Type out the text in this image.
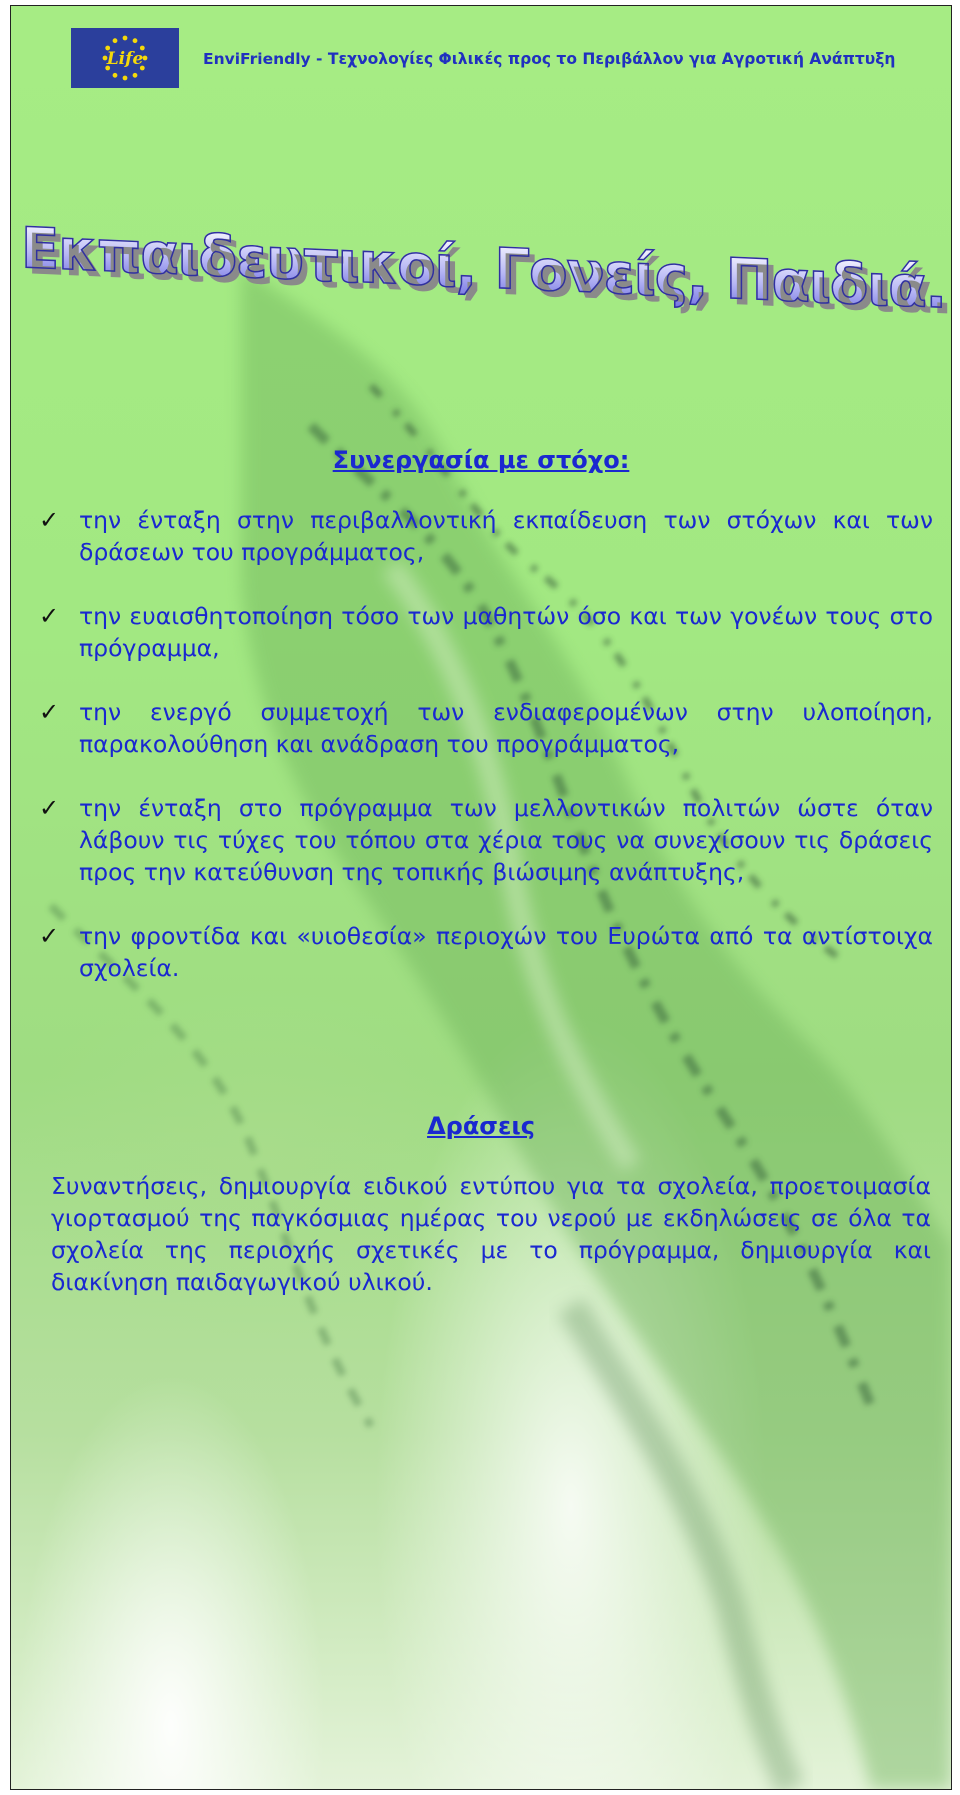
Life	EnviFriendly - Τεχνολογίες Φιλικές προς το Περιβάλλον για Αγροτική Ανάπτυξη
Εκπαιδευτικοί, Γονείς, Παιδιά.
Συνεργασία με στόχο:
✓ την ένταξη στην περιβαλλοντική εκπαίδευση των στόχων και των δράσεων του προγράμματος,
✓ την ευαισθητοποίηση τόσο των μαθητών όσο και των γονέων τους στο πρόγραμμα,
✓ την ενεργό συμμετοχή των ενδιαφερομένων στην υλοποίηση, παρακολούθηση και ανάδραση του προγράμματος,
✓ την ένταξη στο πρόγραμμα των μελλοντικών πολιτών ώστε όταν λάβουν τις τύχες του τόπου στα χέρια τους να συνεχίσουν τις δράσεις προς την κατεύθυνση της τοπικής βιώσιμης ανάπτυξης,
✓ την φροντίδα και «υιοθεσία» περιοχών του Ευρώτα από τα αντίστοιχα σχολεία.
Δράσεις
Συναντήσεις, δημιουργία ειδικού εντύπου για τα σχολεία, προετοιμασία γιορτασμού της παγκόσμιας ημέρας του νερού με εκδηλώσεις σε όλα τα σχολεία της περιοχής σχετικές με το πρόγραμμα, δημιουργία και διακίνηση παιδαγωγικού υλικού.
